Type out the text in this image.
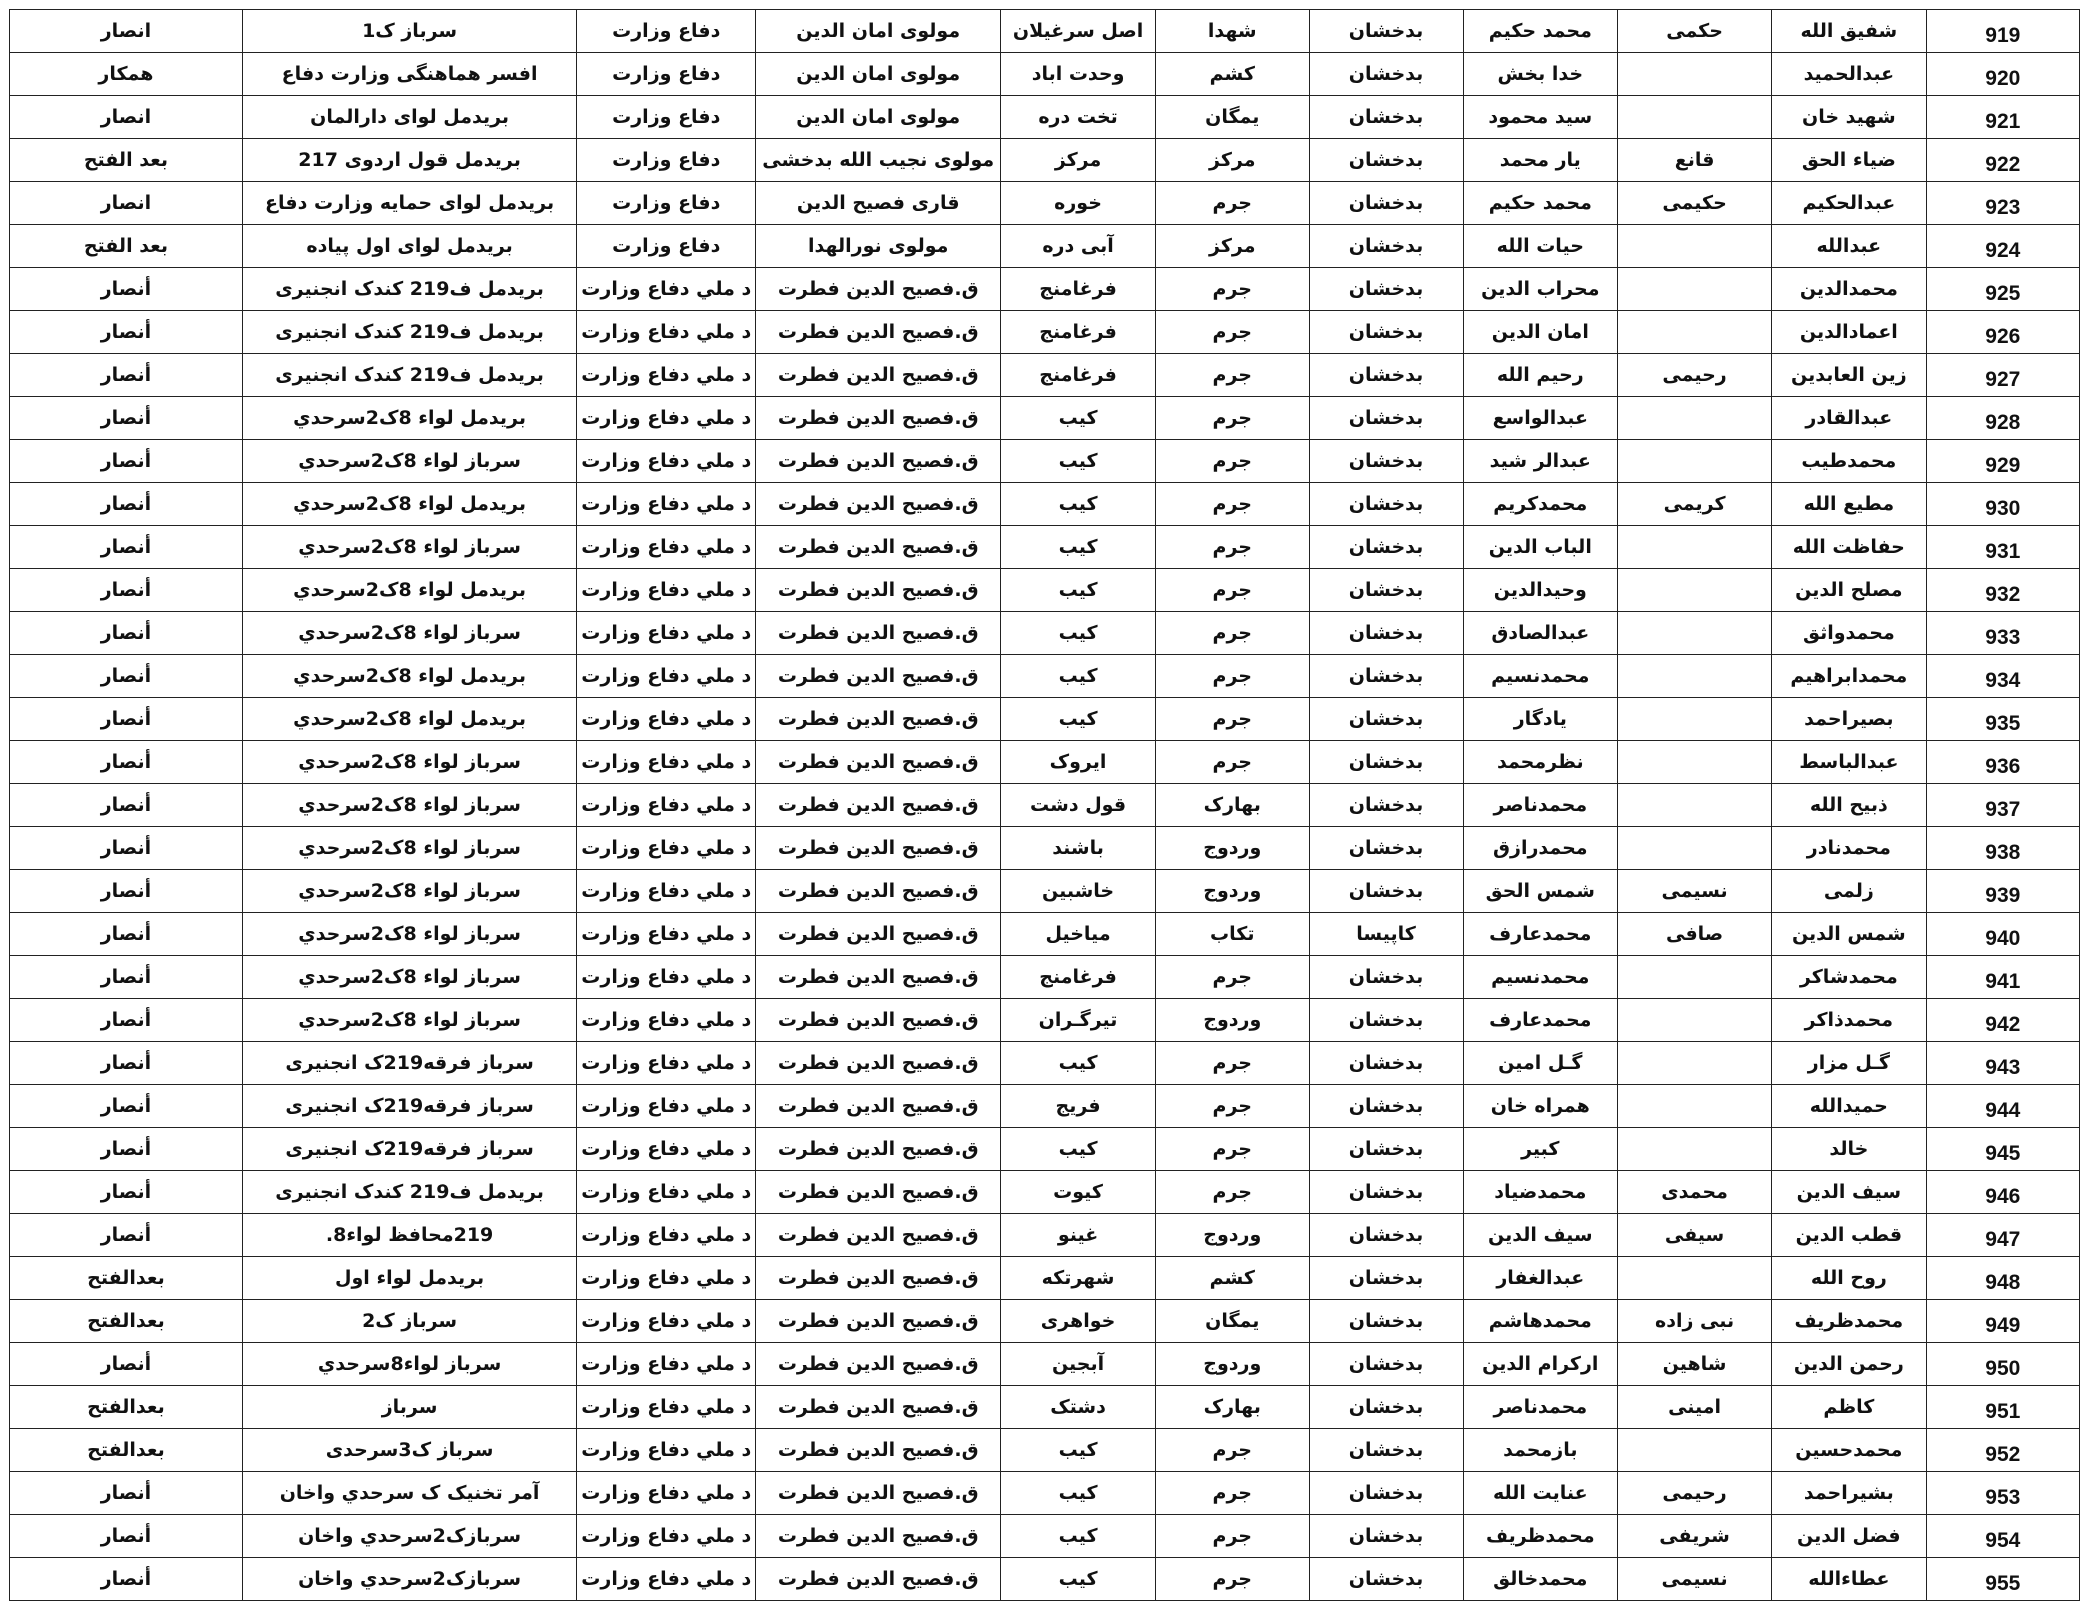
انصار	سرباز ک1	دفاع وزارت	مولوی امان الدین	اصل سرغیلان	شهدا	بدخشان	محمد حکیم	حکمی	شفیق الله	919
همکار	افسر هماهنگی وزارت دفاع	دفاع وزارت	مولوی امان الدین	وحدت اباد	کشم	بدخشان	خدا بخش		عبدالحمید	920
انصار	بریدمل لوای دارالمان	دفاع وزارت	مولوی امان الدین	تخت دره	یمگان	بدخشان	سید محمود		شهید خان	921
بعد الفتح	بریدمل قول اردوی 217	دفاع وزارت	مولوی نجیب الله بدخشی	مرکز	مرکز	بدخشان	یار محمد	قانع	ضیاء الحق	922
انصار	بریدمل لوای حمایه وزارت دفاع	دفاع وزارت	قاری فصیح الدین	خوره	جرم	بدخشان	محمد حکیم	حکیمی	عبدالحکیم	923
بعد الفتح	بریدمل لوای اول پیاده	دفاع وزارت	مولوی نورالهدا	آبی دره	مرکز	بدخشان	حیات الله		عبدالله	924
أنصار	بریدمل ف219 کندک انجنیری	د ملي دفاع وزارت	ق.فصیح الدین فطرت	فرغامنج	جرم	بدخشان	محراب الدین		محمدالدین	925
أنصار	بریدمل ف219 کندک انجنیری	د ملي دفاع وزارت	ق.فصیح الدین فطرت	فرغامنج	جرم	بدخشان	امان الدین		اعمادالدین	926
أنصار	بریدمل ف219 کندک انجنیری	د ملي دفاع وزارت	ق.فصیح الدین فطرت	فرغامنج	جرم	بدخشان	رحیم الله	رحیمی	زین العابدین	927
أنصار	بریدمل لواء 8ک2سرحدي	د ملي دفاع وزارت	ق.فصیح الدین فطرت	کیب	جرم	بدخشان	عبدالواسع		عبدالقادر	928
أنصار	سرباز لواء 8ک2سرحدي	د ملي دفاع وزارت	ق.فصیح الدین فطرت	کیب	جرم	بدخشان	عبدالر شید		محمدطیب	929
أنصار	بریدمل لواء 8ک2سرحدي	د ملي دفاع وزارت	ق.فصیح الدین فطرت	کیب	جرم	بدخشان	محمدکریم	کریمی	مطیع الله	930
أنصار	سرباز لواء 8ک2سرحدي	د ملي دفاع وزارت	ق.فصیح الدین فطرت	کیب	جرم	بدخشان	الباب الدین		حفاظت الله	931
أنصار	بریدمل لواء 8ک2سرحدي	د ملي دفاع وزارت	ق.فصیح الدین فطرت	کیب	جرم	بدخشان	وحیدالدین		مصلح الدین	932
أنصار	سرباز لواء 8ک2سرحدي	د ملي دفاع وزارت	ق.فصیح الدین فطرت	کیب	جرم	بدخشان	عبدالصادق		محمدواثق	933
أنصار	بریدمل لواء 8ک2سرحدي	د ملي دفاع وزارت	ق.فصیح الدین فطرت	کیب	جرم	بدخشان	محمدنسیم		محمدابراهیم	934
أنصار	بریدمل لواء 8ک2سرحدي	د ملي دفاع وزارت	ق.فصیح الدین فطرت	کیب	جرم	بدخشان	یادگار		بصیراحمد	935
أنصار	سرباز لواء 8ک2سرحدي	د ملي دفاع وزارت	ق.فصیح الدین فطرت	ایروک	جرم	بدخشان	نظرمحمد		عبدالباسط	936
أنصار	سرباز لواء 8ک2سرحدي	د ملي دفاع وزارت	ق.فصیح الدین فطرت	قول دشت	بهارک	بدخشان	محمدناصر		ذبیح الله	937
أنصار	سرباز لواء 8ک2سرحدي	د ملي دفاع وزارت	ق.فصیح الدین فطرت	باشند	وردوج	بدخشان	محمدرازق		محمدنادر	938
أنصار	سرباز لواء 8ک2سرحدي	د ملي دفاع وزارت	ق.فصیح الدین فطرت	خاشبین	وردوج	بدخشان	شمس الحق	نسیمی	زلمی	939
أنصار	سرباز لواء 8ک2سرحدي	د ملي دفاع وزارت	ق.فصیح الدین فطرت	میاخیل	تکاب	کاپیسا	محمدعارف	صافی	شمس الدین	940
أنصار	سرباز لواء 8ک2سرحدي	د ملي دفاع وزارت	ق.فصیح الدین فطرت	فرغامنج	جرم	بدخشان	محمدنسیم		محمدشاکر	941
أنصار	سرباز لواء 8ک2سرحدي	د ملي دفاع وزارت	ق.فصیح الدین فطرت	تیرگـران	وردوج	بدخشان	محمدعارف		محمدذاکر	942
أنصار	سرباز فرقه219ک انجنیری	د ملي دفاع وزارت	ق.فصیح الدین فطرت	کیب	جرم	بدخشان	گـل امین		گـل مزار	943
أنصار	سرباز فرقه219ک انجنیری	د ملي دفاع وزارت	ق.فصیح الدین فطرت	فریج	جرم	بدخشان	همراه خان		حمیدالله	944
أنصار	سرباز فرقه219ک انجنیری	د ملي دفاع وزارت	ق.فصیح الدین فطرت	کیب	جرم	بدخشان	کبیر		خالد	945
أنصار	بریدمل ف219 کندک انجنیری	د ملي دفاع وزارت	ق.فصیح الدین فطرت	کیوت	جرم	بدخشان	محمدضیاد	محمدی	سیف الدین	946
أنصار	219محافظ لواء8.	د ملي دفاع وزارت	ق.فصیح الدین فطرت	غینو	وردوج	بدخشان	سیف الدین	سیفی	قطب الدین	947
بعدالفتح	بریدمل لواء اول	د ملي دفاع وزارت	ق.فصیح الدین فطرت	شهرتکه	کشم	بدخشان	عبدالغفار		روح الله	948
بعدالفتح	سرباز ک2	د ملي دفاع وزارت	ق.فصیح الدین فطرت	خواهری	یمگان	بدخشان	محمدهاشم	نبی زاده	محمدظریف	949
أنصار	سرباز لواء8سرحدي	د ملي دفاع وزارت	ق.فصیح الدین فطرت	آبجین	وردوج	بدخشان	ارکرام الدین	شاهین	رحمن الدین	950
بعدالفتح	سرباز	د ملي دفاع وزارت	ق.فصیح الدین فطرت	دشتک	بهارک	بدخشان	محمدناصر	امینی	کاظم	951
بعدالفتح	سرباز ک3سرحدی	د ملي دفاع وزارت	ق.فصیح الدین فطرت	کیب	جرم	بدخشان	بازمحمد		محمدحسین	952
أنصار	آمر تخنیک ک سرحدي واخان	د ملي دفاع وزارت	ق.فصیح الدین فطرت	کیب	جرم	بدخشان	عنایت الله	رحیمی	بشیراحمد	953
أنصار	سربازک2سرحدي واخان	د ملي دفاع وزارت	ق.فصیح الدین فطرت	کیب	جرم	بدخشان	محمدظریف	شریفی	فضل الدین	954
أنصار	سربازک2سرحدي واخان	د ملي دفاع وزارت	ق.فصیح الدین فطرت	کیب	جرم	بدخشان	محمدخالق	نسیمی	عطاءالله	955
